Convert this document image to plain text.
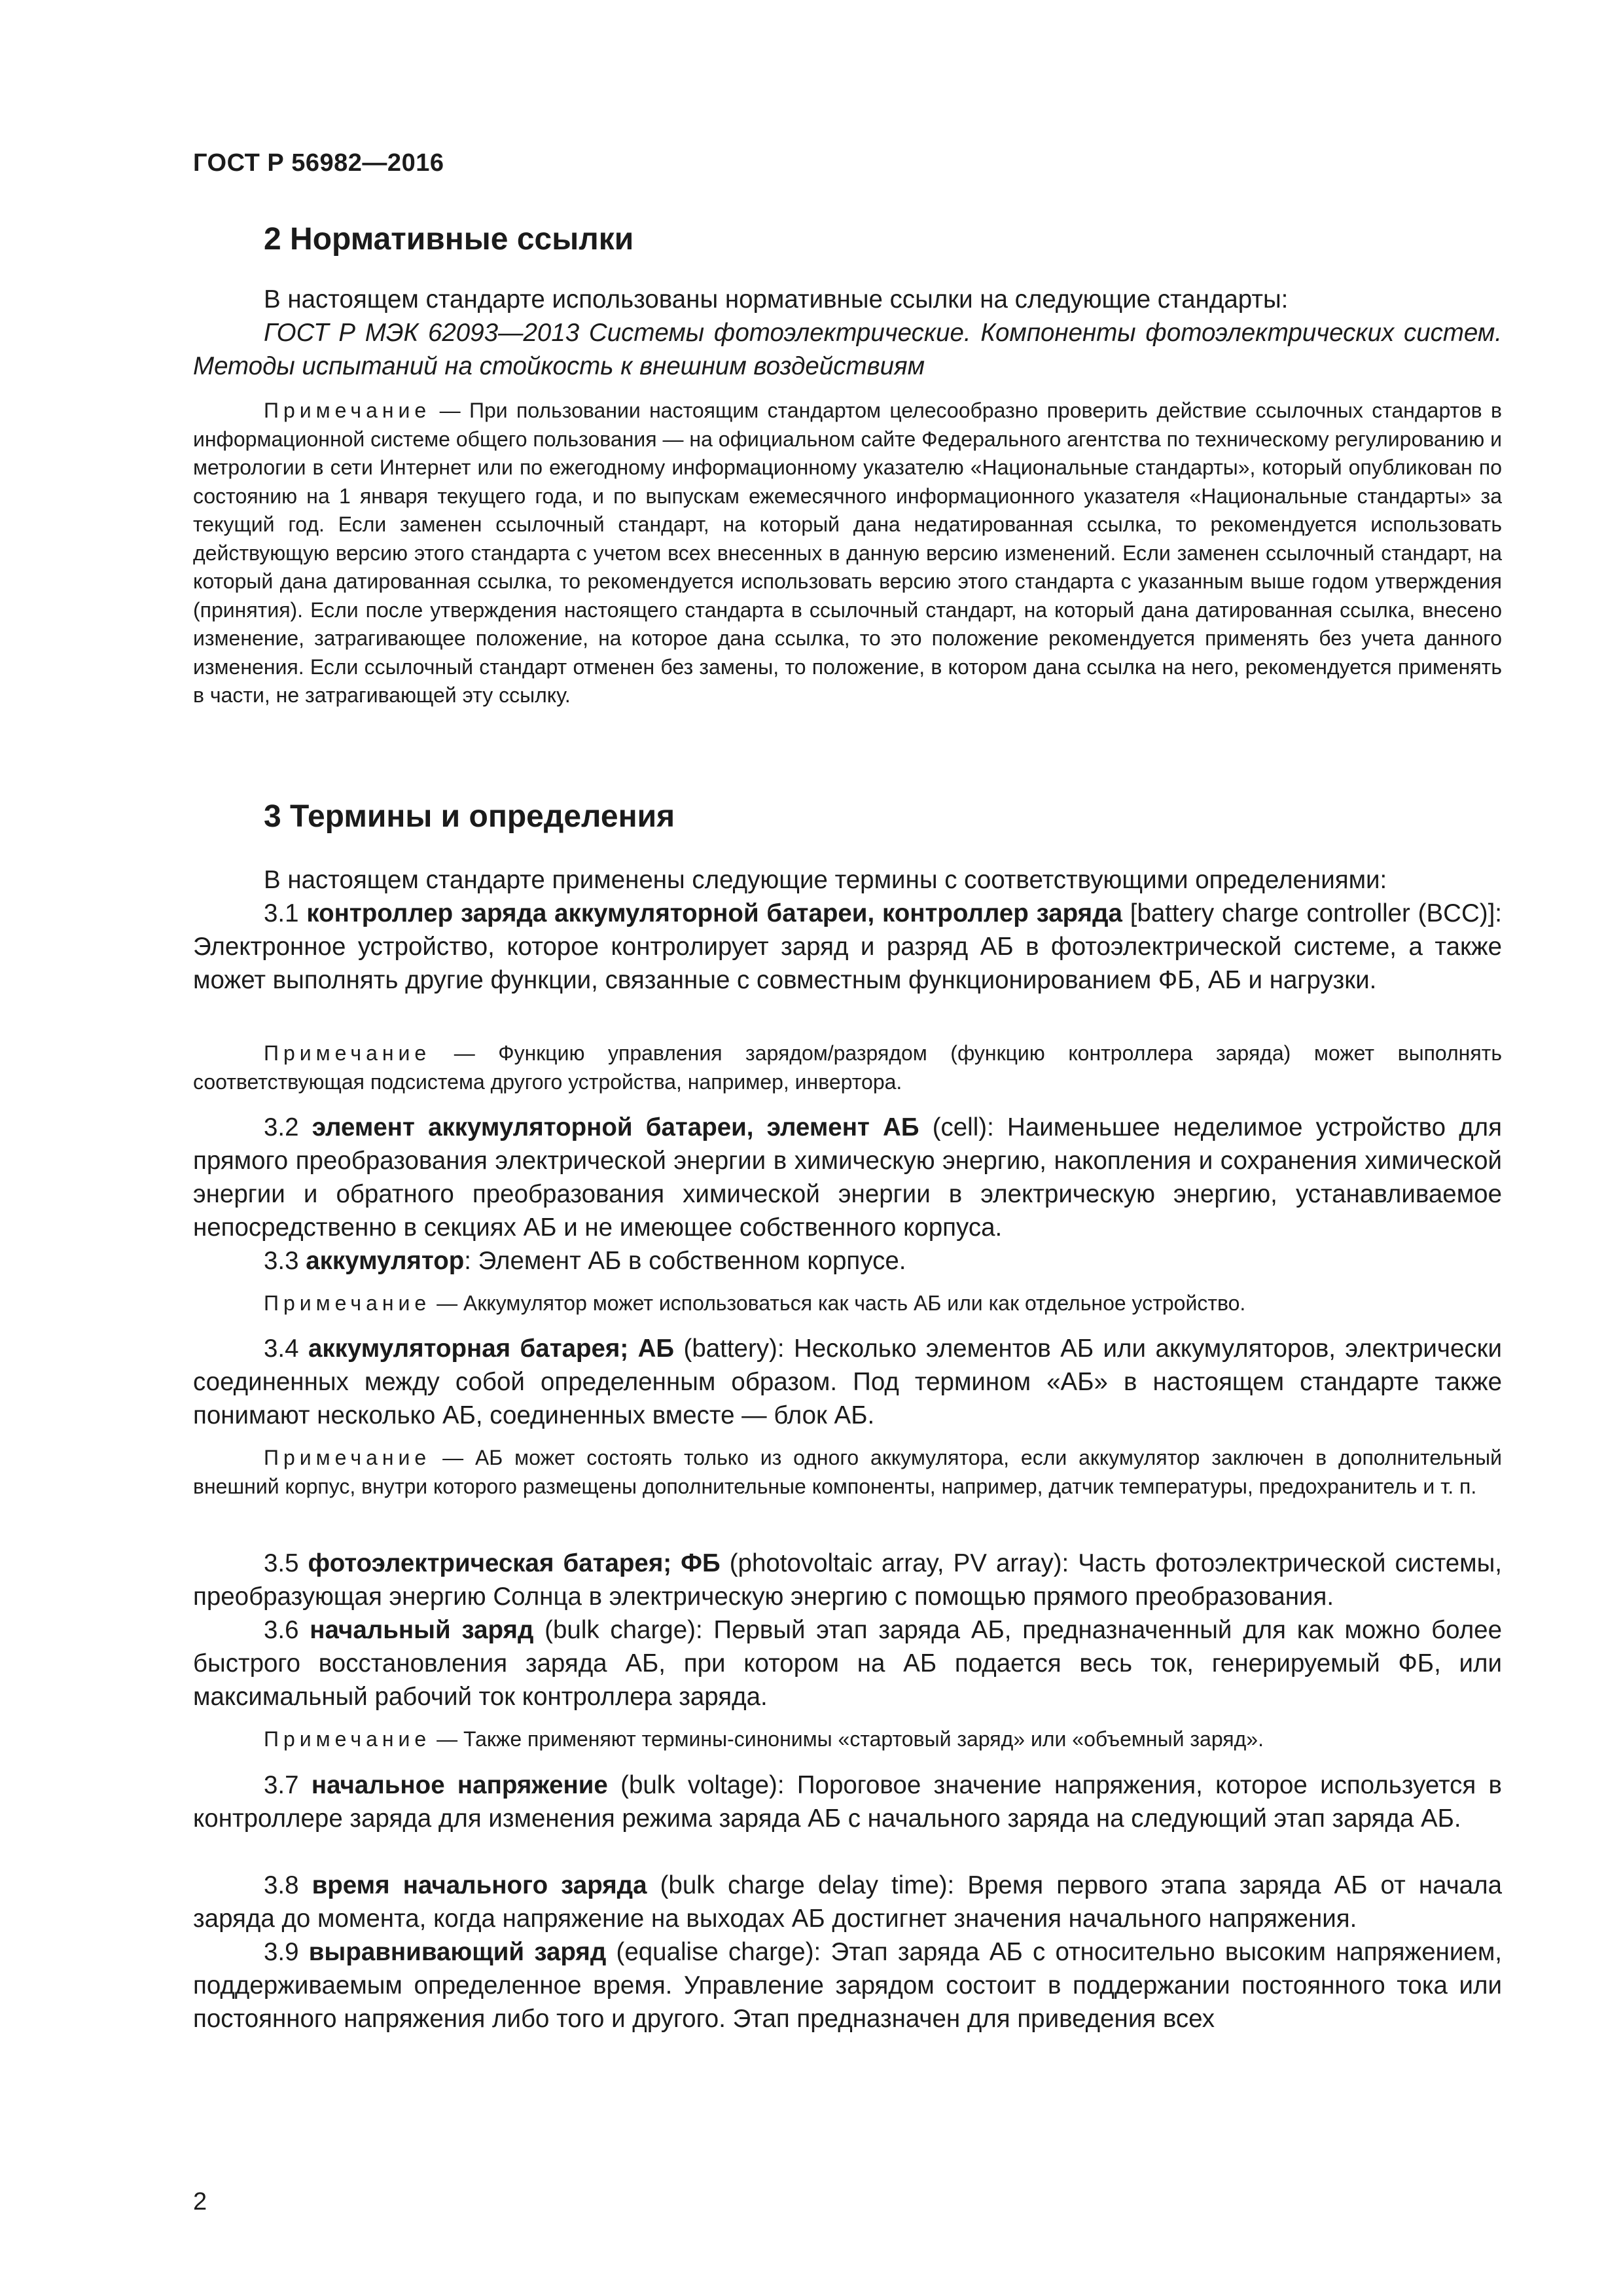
ГОСТ Р 56982—2016
2 Нормативные ссылки
В настоящем стандарте использованы нормативные ссылки на следующие стандарты:
ГОСТ Р МЭК 62093—2013 Системы фотоэлектрические. Компоненты фотоэлектрических систем. Методы испытаний на стойкость к внешним воздействиям
Примечание — При пользовании настоящим стандартом целесообразно проверить действие ссылочных стандартов в информационной системе общего пользования — на официальном сайте Федерального агентства по техническому регулированию и метрологии в сети Интернет или по ежегодному информационному указателю «Национальные стандарты», который опубликован по состоянию на 1 января текущего года, и по выпускам ежемесячного информационного указателя «Национальные стандарты» за текущий год. Если заменен ссылочный стандарт, на который дана недатированная ссылка, то рекомендуется использовать действующую версию этого стандарта с учетом всех внесенных в данную версию изменений. Если заменен ссылочный стандарт, на который дана датированная ссылка, то рекомендуется использовать версию этого стандарта с указанным выше годом утверждения (принятия). Если после утверждения настоящего стандарта в ссылочный стандарт, на который дана датированная ссылка, внесено изменение, затрагивающее положение, на которое дана ссылка, то это положение рекомендуется применять без учета данного изменения. Если ссылочный стандарт отменен без замены, то положение, в котором дана ссылка на него, рекомендуется применять в части, не затрагивающей эту ссылку.
3 Термины и определения
В настоящем стандарте применены следующие термины с соответствующими определениями:
3.1 контроллер заряда аккумуляторной батареи, контроллер заряда [battery charge controller (BCC)]: Электронное устройство, которое контролирует заряд и разряд АБ в фотоэлектрической системе, а также может выполнять другие функции, связанные с совместным функционированием ФБ, АБ и нагрузки.
Примечание — Функцию управления зарядом/разрядом (функцию контроллера заряда) может выполнять соответствующая подсистема другого устройства, например, инвертора.
3.2 элемент аккумуляторной батареи, элемент АБ (cell): Наименьшее неделимое устройство для прямого преобразования электрической энергии в химическую энергию, накопления и сохранения химической энергии и обратного преобразования химической энергии в электрическую энергию, устанавливаемое непосредственно в секциях АБ и не имеющее собственного корпуса.
3.3 аккумулятор: Элемент АБ в собственном корпусе.
Примечание — Аккумулятор может использоваться как часть АБ или как отдельное устройство.
3.4 аккумуляторная батарея; АБ (battery): Несколько элементов АБ или аккумуляторов, электрически соединенных между собой определенным образом. Под термином «АБ» в настоящем стандарте также понимают несколько АБ, соединенных вместе — блок АБ.
Примечание — АБ может состоять только из одного аккумулятора, если аккумулятор заключен в дополнительный внешний корпус, внутри которого размещены дополнительные компоненты, например, датчик температуры, предохранитель и т. п.
3.5 фотоэлектрическая батарея; ФБ (photovoltaic array, PV array): Часть фотоэлектрической системы, преобразующая энергию Солнца в электрическую энергию с помощью прямого преобразования.
3.6 начальный заряд (bulk charge): Первый этап заряда АБ, предназначенный для как можно более быстрого восстановления заряда АБ, при котором на АБ подается весь ток, генерируемый ФБ, или максимальный рабочий ток контроллера заряда.
Примечание — Также применяют термины-синонимы «стартовый заряд» или «объемный заряд».
3.7 начальное напряжение (bulk voltage): Пороговое значение напряжения, которое используется в контроллере заряда для изменения режима заряда АБ с начального заряда на следующий этап заряда АБ.
3.8 время начального заряда (bulk charge delay time): Время первого этапа заряда АБ от начала заряда до момента, когда напряжение на выходах АБ достигнет значения начального напряжения.
3.9 выравнивающий заряд (equalise charge): Этап заряда АБ с относительно высоким напряжением, поддерживаемым определенное время. Управление зарядом состоит в поддержании постоянного тока или постоянного напряжения либо того и другого. Этап предназначен для приведения всех
2
